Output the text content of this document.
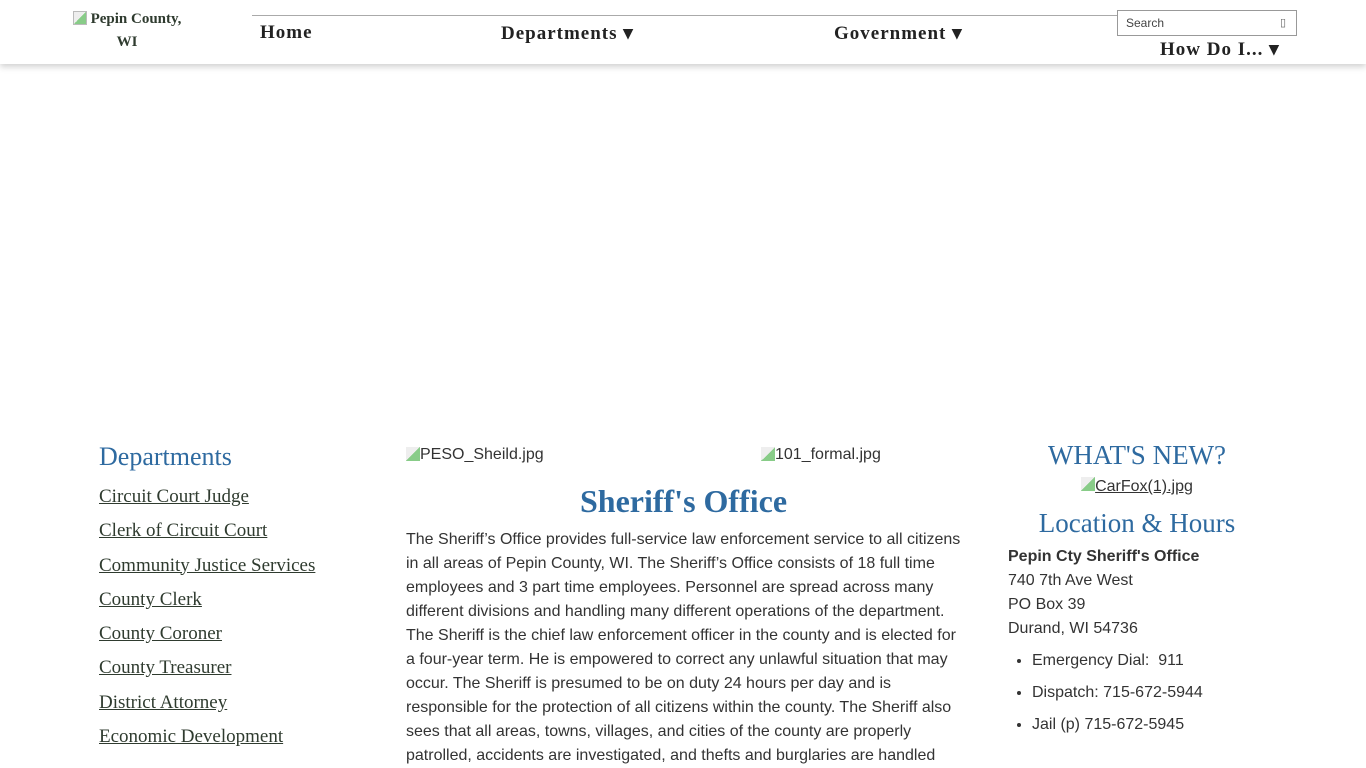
Pepin County, WI
Search	▯
Home	Departments ▾	Government ▾
How Do I... ▾
Departments
Circuit Court Judge
Clerk of Circuit Court
Community Justice Services
County Clerk
County Coroner
County Treasurer
District Attorney
Economic Development
PESO_Sheild.jpg	101_formal.jpg
Sheriff's Office

The Sheriff’s Office provides full-service law enforcement service to all citizens in all areas of Pepin County, WI. The Sheriff’s Office consists of 18 full time employees and 3 part time employees. Personnel are spread across many different divisions and handling many different operations of the department. The Sheriff is the chief law enforcement officer in the county and is elected for a four-year term. He is empowered to correct any unlawful situation that may occur. The Sheriff is presumed to be on duty 24 hours per day and is responsible for the protection of all citizens within the county. The Sheriff also sees that all areas, towns, villages, and cities of the county are properly patrolled, accidents are investigated, and thefts and burglaries are handled

WHAT'S NEW?
CarFox(1).jpg
Location & Hours
Pepin Cty Sheriff's Office
740 7th Ave West
PO Box 39
Durand, WI 54736
• Emergency Dial:  911
• Dispatch: 715-672-5944
• Jail (p) 715-672-5945
